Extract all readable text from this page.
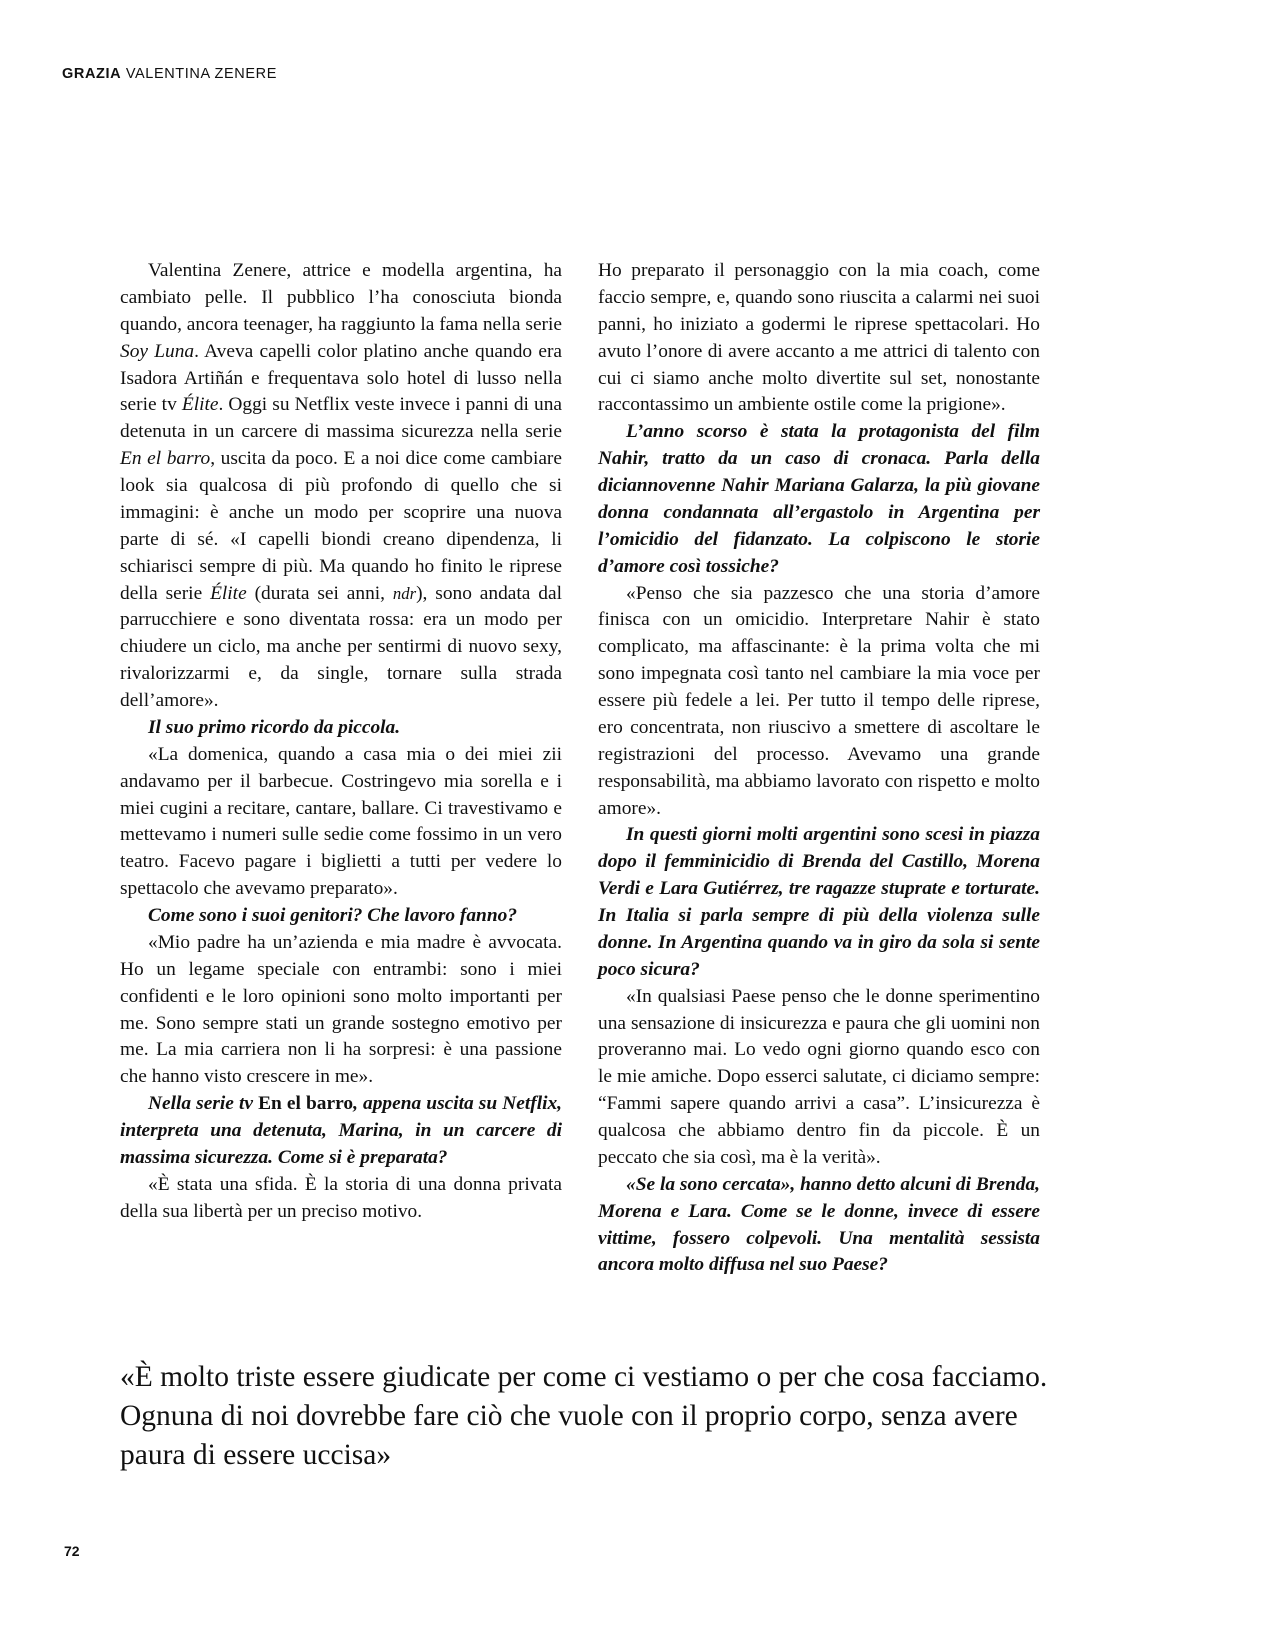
GRAZIA VALENTINA ZENERE

Valentina Zenere, attrice e modella argentina, ha cambiato pelle. Il pubblico l’ha conosciuta bionda quando, ancora teenager, ha raggiunto la fama nella serie Soy Luna. Aveva capelli color platino anche quando era Isadora Artiñán e frequentava solo hotel di lusso nella serie tv Élite. Oggi su Netflix veste invece i panni di una detenuta in un carcere di massima sicurezza nella serie En el barro, uscita da poco. E a noi dice come cambiare look sia qualcosa di più profondo di quello che si immagini: è anche un modo per scoprire una nuova parte di sé. «I capelli biondi creano dipendenza, li schiarisci sempre di più. Ma quando ho finito le riprese della serie Élite (durata sei anni, ndr), sono andata dal parrucchiere e sono diventata rossa: era un modo per chiudere un ciclo, ma anche per sentirmi di nuovo sexy, rivalorizzarmi e, da single, tornare sulla strada dell’amore».

Il suo primo ricordo da piccola.

«La domenica, quando a casa mia o dei miei zii andavamo per il barbecue. Costringevo mia sorella e i miei cugini a recitare, cantare, ballare. Ci travestivamo e mettevamo i numeri sulle sedie come fossimo in un vero teatro. Facevo pagare i biglietti a tutti per vedere lo spettacolo che avevamo preparato».

Come sono i suoi genitori? Che lavoro fanno?

«Mio padre ha un’azienda e mia madre è avvocata. Ho un legame speciale con entrambi: sono i miei confidenti e le loro opinioni sono molto importanti per me. Sono sempre stati un grande sostegno emotivo per me. La mia carriera non li ha sorpresi: è una passione che hanno visto crescere in me».

Nella serie tv En el barro, appena uscita su Netflix, interpreta una detenuta, Marina, in un carcere di massima sicurezza. Come si è preparata?

«È stata una sfida. È la storia di una donna privata della sua libertà per un preciso motivo.

Ho preparato il personaggio con la mia coach, come faccio sempre, e, quando sono riuscita a calarmi nei suoi panni, ho iniziato a godermi le riprese spettacolari. Ho avuto l’onore di avere accanto a me attrici di talento con cui ci siamo anche molto divertite sul set, nonostante raccontassimo un ambiente ostile come la prigione».

L’anno scorso è stata la protagonista del film Nahir, tratto da un caso di cronaca. Parla della diciannovenne Nahir Mariana Galarza, la più giovane donna condannata all’ergastolo in Argentina per l’omicidio del fidanzato. La colpiscono le storie d’amore così tossiche?

«Penso che sia pazzesco che una storia d’amore finisca con un omicidio. Interpretare Nahir è stato complicato, ma affascinante: è la prima volta che mi sono impegnata così tanto nel cambiare la mia voce per essere più fedele a lei. Per tutto il tempo delle riprese, ero concentrata, non riuscivo a smettere di ascoltare le registrazioni del processo. Avevamo una grande responsabilità, ma abbiamo lavorato con rispetto e molto amore».

In questi giorni molti argentini sono scesi in piazza dopo il femminicidio di Brenda del Castillo, Morena Verdi e Lara Gutiérrez, tre ragazze stuprate e torturate. In Italia si parla sempre di più della violenza sulle donne. In Argentina quando va in giro da sola si sente poco sicura?

«In qualsiasi Paese penso che le donne sperimentino una sensazione di insicurezza e paura che gli uomini non proveranno mai. Lo vedo ogni giorno quando esco con le mie amiche. Dopo esserci salutate, ci diciamo sempre: “Fammi sapere quando arrivi a casa”. L’insicurezza è qualcosa che abbiamo dentro fin da piccole. È un peccato che sia così, ma è la verità».

«Se la sono cercata», hanno detto alcuni di Brenda, Morena e Lara. Come se le donne, invece di essere vittime, fossero colpevoli. Una mentalità sessista ancora molto diffusa nel suo Paese?

«È molto triste essere giudicate per come ci vestiamo o per che cosa facciamo. Ognuna di noi dovrebbe fare ciò che vuole con il proprio corpo, senza avere paura di essere uccisa»
72
